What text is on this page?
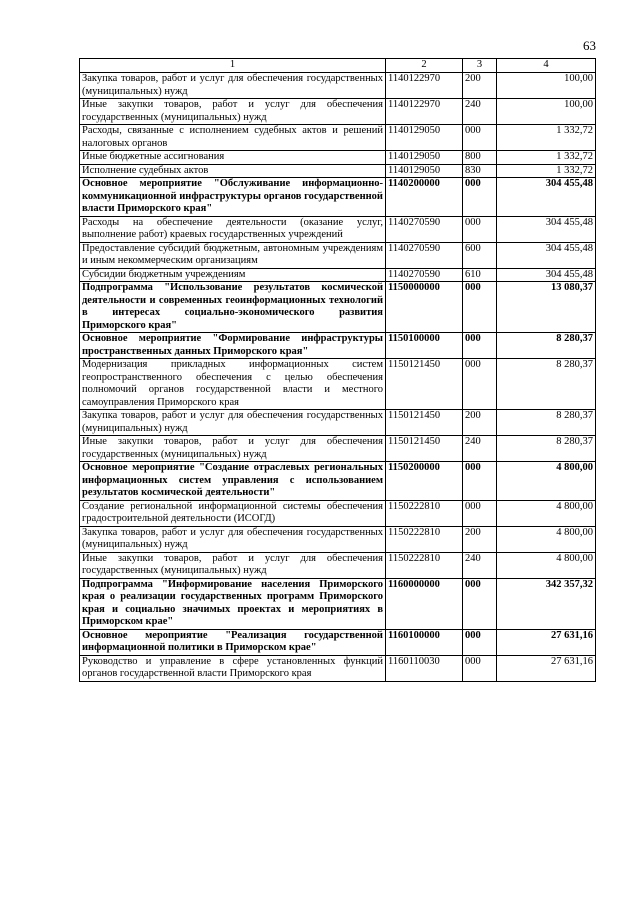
63
1	2	3	4
Закупка товаров, работ и услуг для обеспечения государственных (муниципальных) нужд	1140122970	200	100,00
Иные закупки товаров, работ и услуг для обеспечения государственных (муниципальных) нужд	1140122970	240	100,00
Расходы, связанные с исполнением судебных актов и решений налоговых органов	1140129050	000	1 332,72
Иные бюджетные ассигнования	1140129050	800	1 332,72
Исполнение судебных актов	1140129050	830	1 332,72
Основное мероприятие "Обслуживание информационно-коммуникационной инфраструктуры органов государственной власти Приморского края"	1140200000	000	304 455,48
Расходы на обеспечение деятельности (оказание услуг, выполнение работ) краевых государственных учреждений	1140270590	000	304 455,48
Предоставление субсидий бюджетным, автономным учреждениям и иным некоммерческим организациям	1140270590	600	304 455,48
Субсидии бюджетным учреждениям	1140270590	610	304 455,48
Подпрограмма "Использование результатов космической деятельности и современных геоинформационных технологий в интересах социально-экономического развития Приморского края"	1150000000	000	13 080,37
Основное мероприятие "Формирование инфраструктуры пространственных данных Приморского края"	1150100000	000	8 280,37
Модернизация прикладных информационных систем геопространственного обеспечения с целью обеспечения полномочий органов государственной власти и местного самоуправления Приморского края	1150121450	000	8 280,37
Закупка товаров, работ и услуг для обеспечения государственных (муниципальных) нужд	1150121450	200	8 280,37
Иные закупки товаров, работ и услуг для обеспечения государственных (муниципальных) нужд	1150121450	240	8 280,37
Основное мероприятие "Создание отраслевых региональных информационных систем управления с использованием результатов космической деятельности"	1150200000	000	4 800,00
Создание региональной информационной системы обеспечения градостроительной деятельности (ИСОГД)	1150222810	000	4 800,00
Закупка товаров, работ и услуг для обеспечения государственных (муниципальных) нужд	1150222810	200	4 800,00
Иные закупки товаров, работ и услуг для обеспечения государственных (муниципальных) нужд	1150222810	240	4 800,00
Подпрограмма "Информирование населения Приморского края о реализации государственных программ Приморского края и социально значимых проектах и мероприятиях в Приморском крае"	1160000000	000	342 357,32
Основное мероприятие "Реализация государственной информационной политики в Приморском крае"	1160100000	000	27 631,16
Руководство и управление в сфере установленных функций органов государственной власти Приморского края	1160110030	000	27 631,16
